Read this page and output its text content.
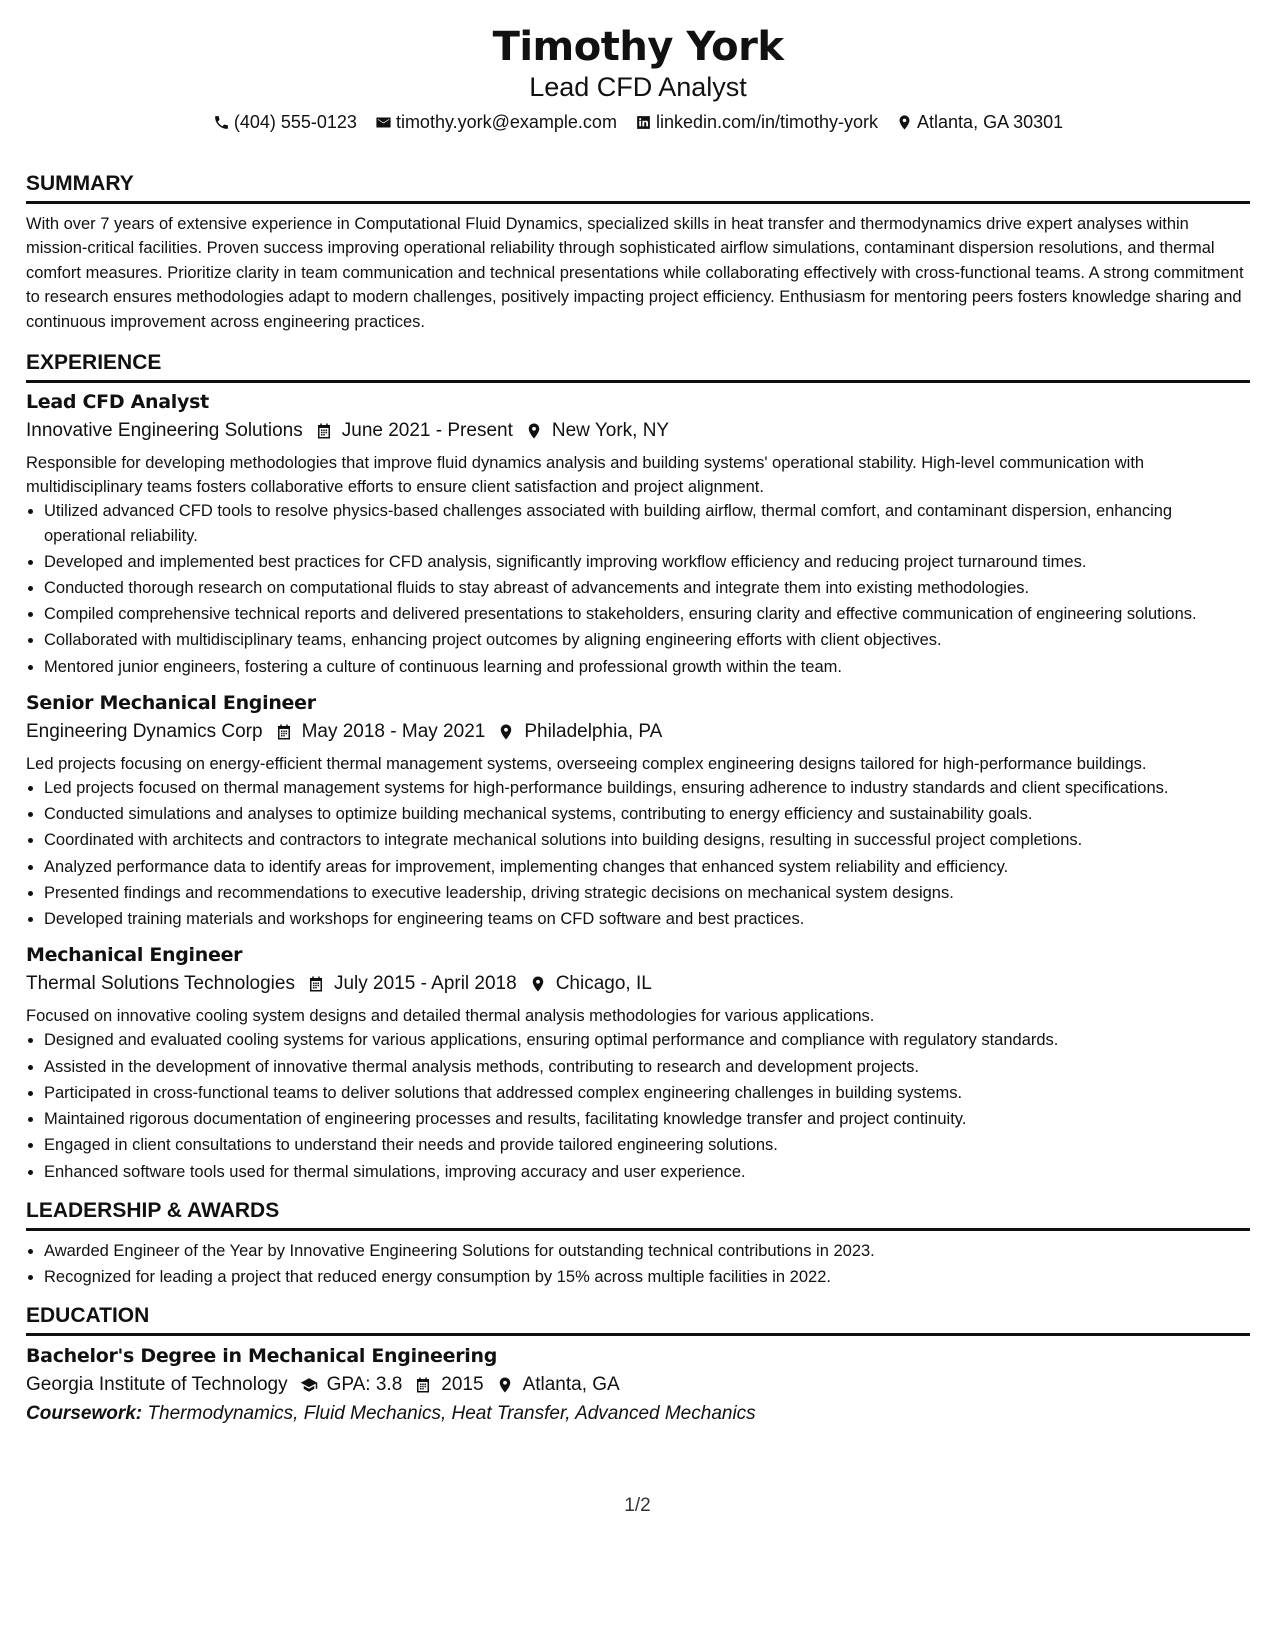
Timothy York
Lead CFD Analyst
(404) 555-0123 timothy.york@example.com linkedin.com/in/timothy-york Atlanta, GA 30301
SUMMARY
With over 7 years of extensive experience in Computational Fluid Dynamics, specialized skills in heat transfer and thermodynamics drive expert analyses within mission-critical facilities. Proven success improving operational reliability through sophisticated airflow simulations, contaminant dispersion resolutions, and thermal comfort measures. Prioritize clarity in team communication and technical presentations while collaborating effectively with cross-functional teams. A strong commitment to research ensures methodologies adapt to modern challenges, positively impacting project efficiency. Enthusiasm for mentoring peers fosters knowledge sharing and continuous improvement across engineering practices.
EXPERIENCE
Lead CFD Analyst
Innovative Engineering Solutions June 2021 - Present New York, NY
Responsible for developing methodologies that improve fluid dynamics analysis and building systems' operational stability. High-level communication with multidisciplinary teams fosters collaborative efforts to ensure client satisfaction and project alignment.
• Utilized advanced CFD tools to resolve physics-based challenges associated with building airflow, thermal comfort, and contaminant dispersion, enhancing operational reliability.
• Developed and implemented best practices for CFD analysis, significantly improving workflow efficiency and reducing project turnaround times.
• Conducted thorough research on computational fluids to stay abreast of advancements and integrate them into existing methodologies.
• Compiled comprehensive technical reports and delivered presentations to stakeholders, ensuring clarity and effective communication of engineering solutions.
• Collaborated with multidisciplinary teams, enhancing project outcomes by aligning engineering efforts with client objectives.
• Mentored junior engineers, fostering a culture of continuous learning and professional growth within the team.
Senior Mechanical Engineer
Engineering Dynamics Corp May 2018 - May 2021 Philadelphia, PA
Led projects focusing on energy-efficient thermal management systems, overseeing complex engineering designs tailored for high-performance buildings.
• Led projects focused on thermal management systems for high-performance buildings, ensuring adherence to industry standards and client specifications.
• Conducted simulations and analyses to optimize building mechanical systems, contributing to energy efficiency and sustainability goals.
• Coordinated with architects and contractors to integrate mechanical solutions into building designs, resulting in successful project completions.
• Analyzed performance data to identify areas for improvement, implementing changes that enhanced system reliability and efficiency.
• Presented findings and recommendations to executive leadership, driving strategic decisions on mechanical system designs.
• Developed training materials and workshops for engineering teams on CFD software and best practices.
Mechanical Engineer
Thermal Solutions Technologies July 2015 - April 2018 Chicago, IL
Focused on innovative cooling system designs and detailed thermal analysis methodologies for various applications.
• Designed and evaluated cooling systems for various applications, ensuring optimal performance and compliance with regulatory standards.
• Assisted in the development of innovative thermal analysis methods, contributing to research and development projects.
• Participated in cross-functional teams to deliver solutions that addressed complex engineering challenges in building systems.
• Maintained rigorous documentation of engineering processes and results, facilitating knowledge transfer and project continuity.
• Engaged in client consultations to understand their needs and provide tailored engineering solutions.
• Enhanced software tools used for thermal simulations, improving accuracy and user experience.
LEADERSHIP & AWARDS
• Awarded Engineer of the Year by Innovative Engineering Solutions for outstanding technical contributions in 2023.
• Recognized for leading a project that reduced energy consumption by 15% across multiple facilities in 2022.
EDUCATION
Bachelor's Degree in Mechanical Engineering
Georgia Institute of Technology GPA: 3.8 2015 Atlanta, GA
Coursework: Thermodynamics, Fluid Mechanics, Heat Transfer, Advanced Mechanics
1/2
